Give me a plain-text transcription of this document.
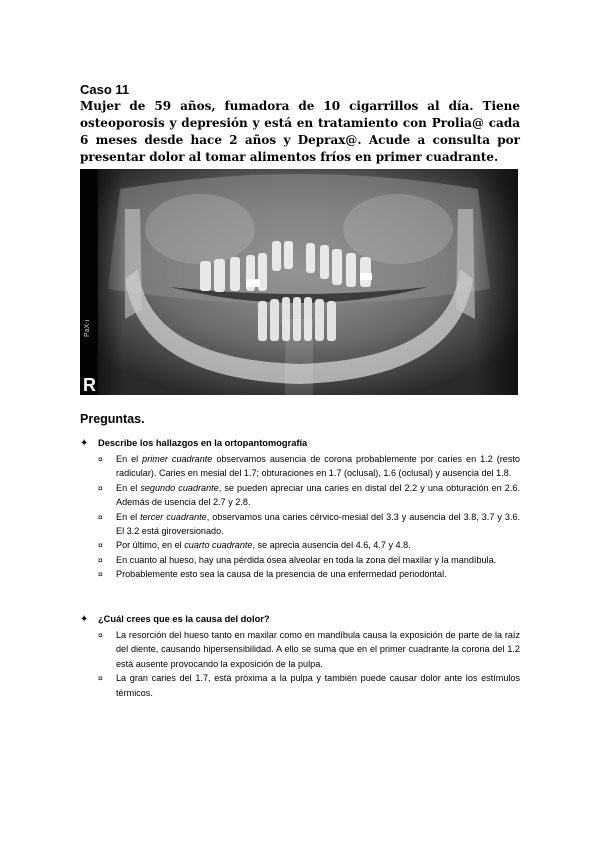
Caso 11

Mujer de 59 años, fumadora de 10 cigarrillos al día. Tiene osteoporosis y depresión y está en tratamiento con Prolia@ cada 6 meses desde hace 2 años y Deprax@. Acude a consulta por presentar dolor al tomar alimentos fríos en primer cuadrante.

PaX-i
R
Preguntas.

✦	Describe los hallazgos en la ortopantomografía

¤	En el primer cuadrante observamos ausencia de corona probablemente por caries en 1.2 (resto radicular). Caries en mesial del 1.7; obturaciones en 1.7 (oclusal), 1.6 (oclusal) y ausencia del 1.8.
¤	En el segundo cuadrante, se pueden apreciar una caries en distal del 2.2 y una obturación en 2.6. Además de usencia del 2.7 y 2.8.
¤	En el tercer cuadrante, observamos una caries cérvico-mesial del 3.3 y ausencia del 3.8, 3.7 y 3.6. El 3.2 está giroversionado.
¤	Por último, en el cuarto cuadrante, se aprecia ausencia del 4.6, 4.7 y 4.8.
¤	En cuanto al hueso, hay una pérdida ósea alveolar en toda la zona del maxilar y la mandíbula.
¤	Probablemente esto sea la causa de la presencia de una enfermedad periodontal.

✦	¿Cuál crees que es la causa del dolor?

¤	La resorción del hueso tanto en maxilar como en mandíbula causa la exposición de parte de la raíz del diente, causando hipersensibilidad. A ello se suma que en el primer cuadrante la corona del 1.2 está ausente provocando la exposición de la pulpa.
¤	La gran caries del 1.7, está próxima a la pulpa y también puede causar dolor ante los estímulos térmicos.
